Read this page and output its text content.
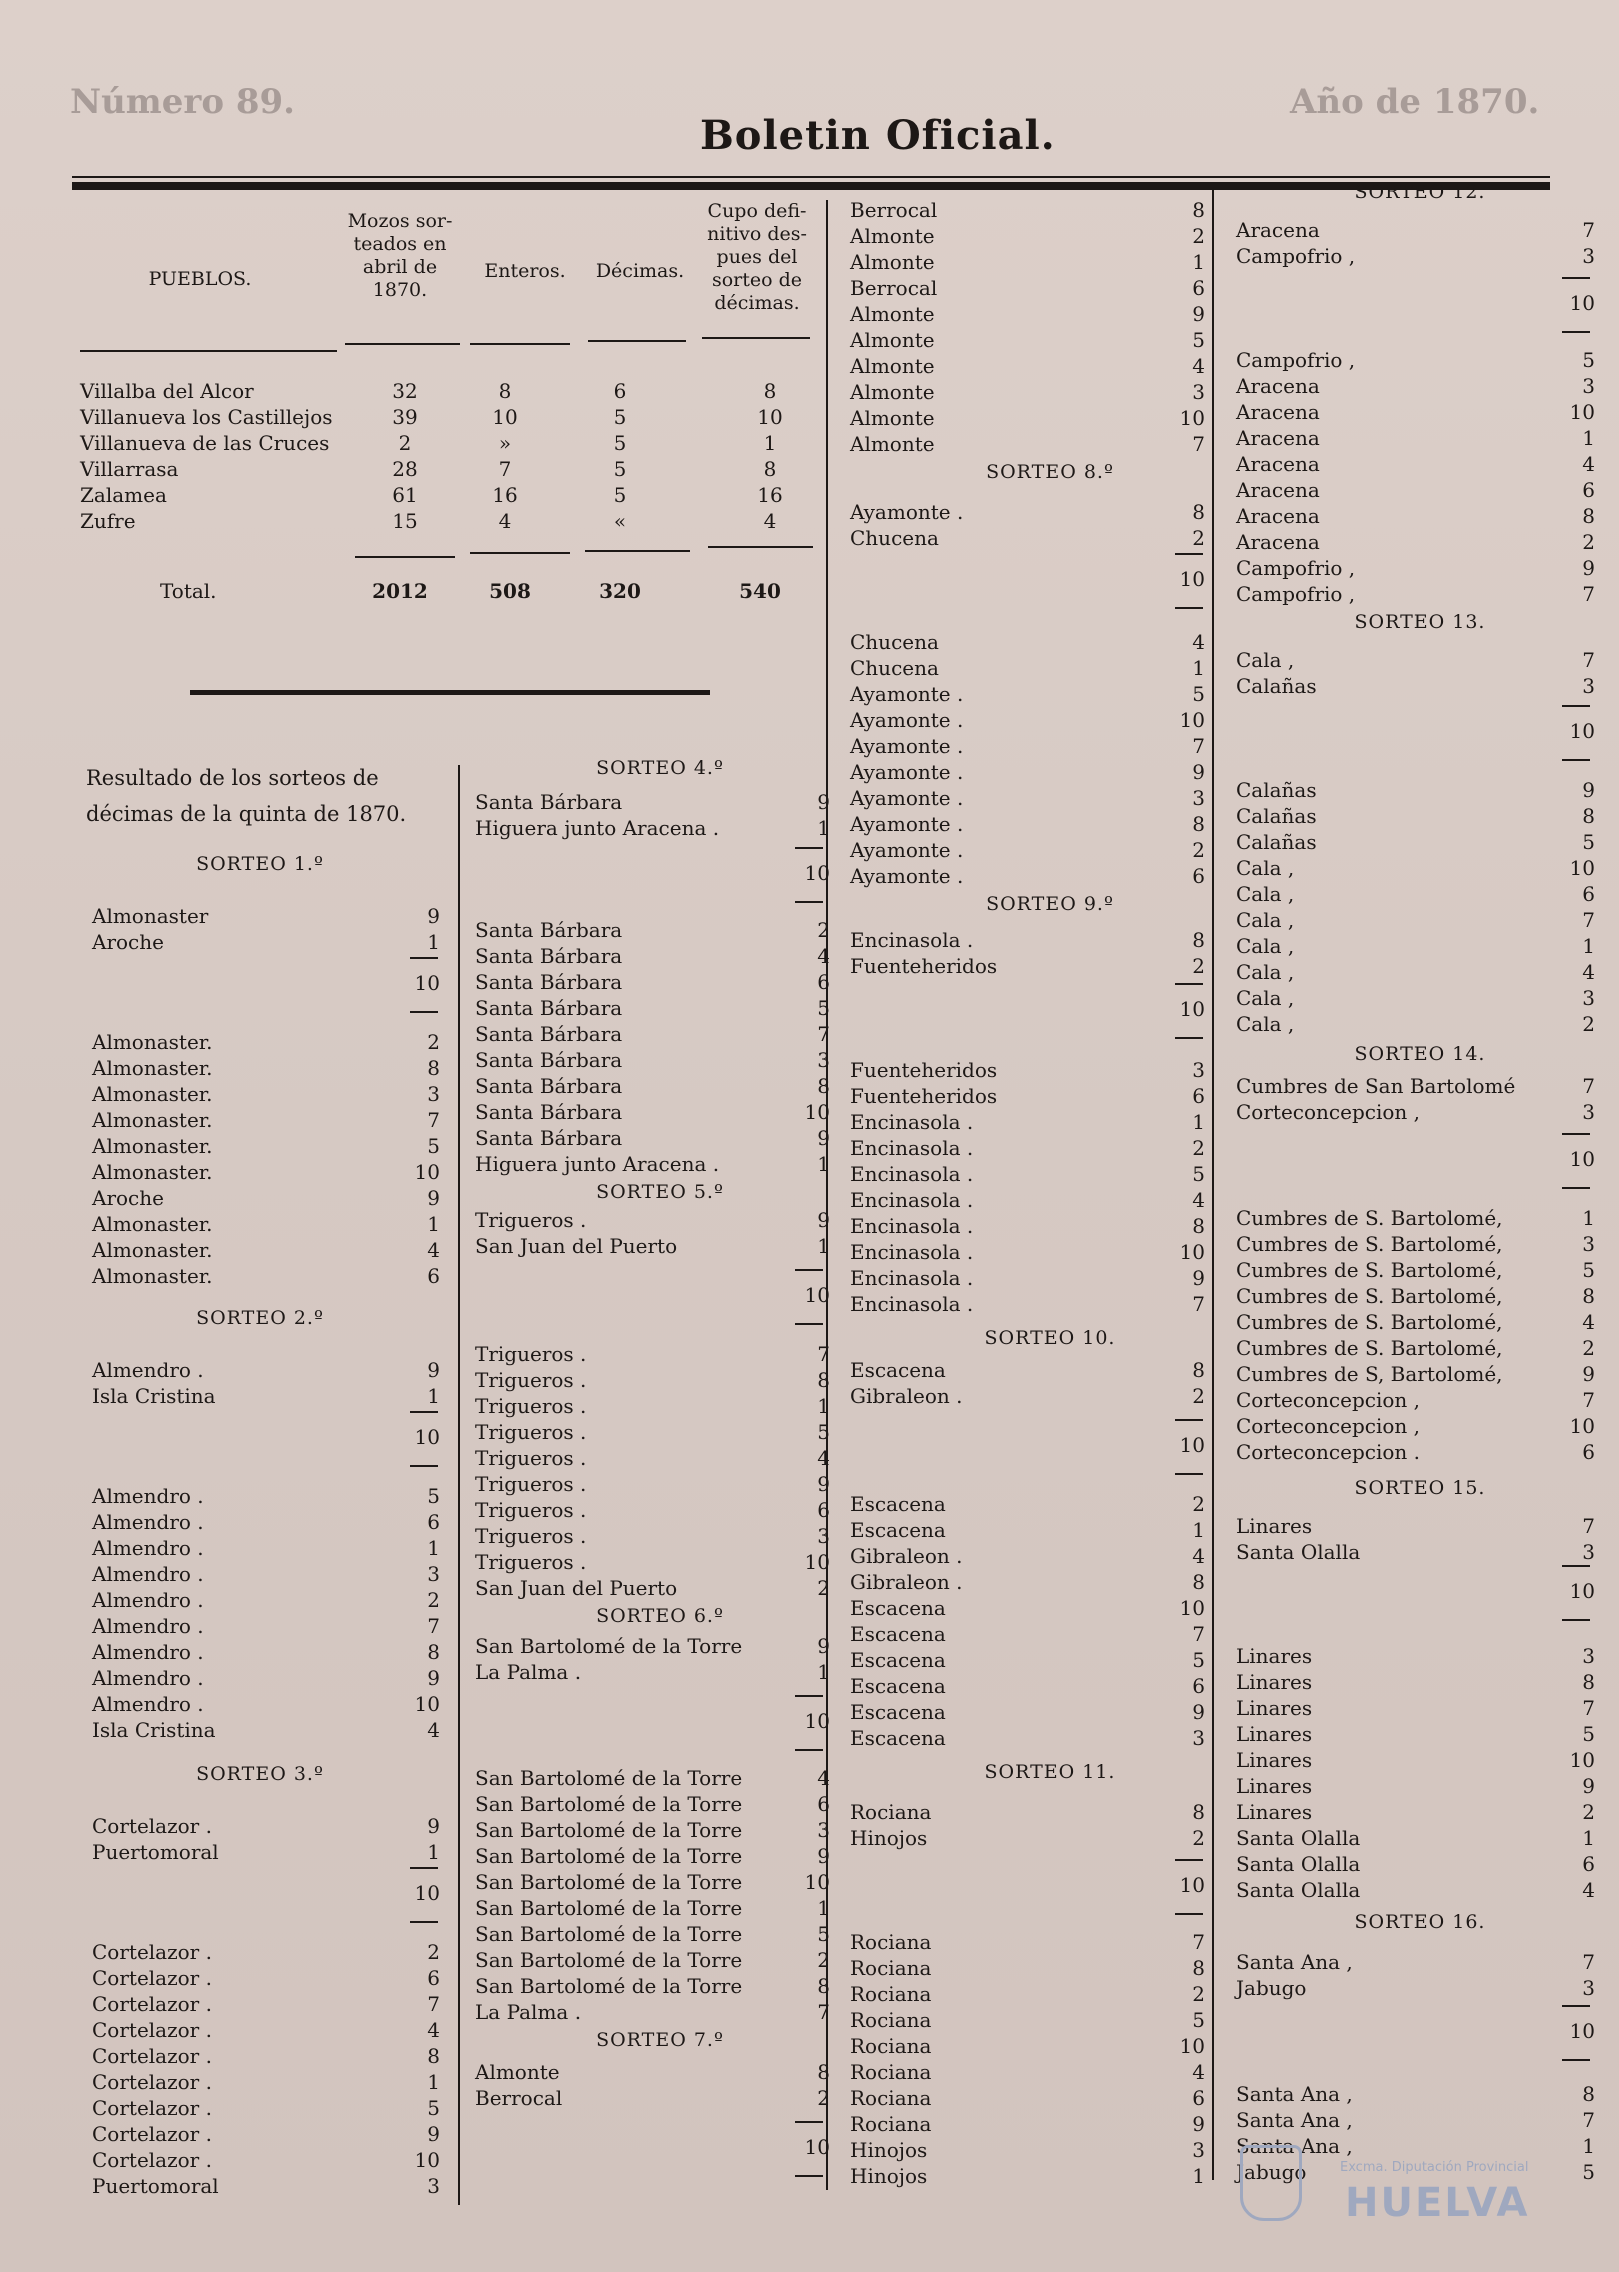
Número 89.
Boletin Oficial.
Año de 1870.
PUEBLOS.
Mozos sor-
teados en
abril de
1870.
Enteros.	Décimas.
Cupo defi-
nitivo des-
pues del
sorteo de
décimas.
Villalba del Alcor	32	8	6	8
Villanueva los Castillejos	39	10	5	10
Villanueva de las Cruces	2	»	5	1
Villarrasa	28	7	5	8
Zalamea	61	16	5	16
Zufre	15	4	«	4
Total.	2012	508	320	540
Resultado de los sorteos de décimas de la quinta de 1870.
SORTEO 1.º
Almonaster	9
Aroche	1
10
Almonaster.	2
Almonaster.	8
Almonaster.	3
Almonaster.	7
Almonaster.	5
Almonaster.	10
Aroche	9
Almonaster.	1
Almonaster.	4
Almonaster.	6
SORTEO 2.º
Almendro .	9
Isla Cristina	1
10
Almendro .	5
Almendro .	6
Almendro .	1
Almendro .	3
Almendro .	2
Almendro .	7
Almendro .	8
Almendro .	9
Almendro .	10
Isla Cristina	4
SORTEO 3.º
Cortelazor .	9
Puertomoral	1
10
Cortelazor .	2
Cortelazor .	6
Cortelazor .	7
Cortelazor .	4
Cortelazor .	8
Cortelazor .	1
Cortelazor .	5
Cortelazor .	9
Cortelazor .	10
Puertomoral	3
SORTEO 4.º
Santa Bárbara	9
Higuera junto Aracena .	1
10
Santa Bárbara	2
Santa Bárbara	4
Santa Bárbara	6
Santa Bárbara	5
Santa Bárbara	7
Santa Bárbara	3
Santa Bárbara	8
Santa Bárbara	10
Santa Bárbara	9
Higuera junto Aracena .	1
SORTEO 5.º
Trigueros .	9
San Juan del Puerto	1
10
Trigueros .	7
Trigueros .	8
Trigueros .	1
Trigueros .	5
Trigueros .	4
Trigueros .	9
Trigueros .	6
Trigueros .	3
Trigueros .	10
San Juan del Puerto	2
SORTEO 6.º
San Bartolomé de la Torre	9
La Palma .	1
10
San Bartolomé de la Torre	4
San Bartolomé de la Torre	6
San Bartolomé de la Torre	3
San Bartolomé de la Torre	9
San Bartolomé de la Torre	10
San Bartolomé de la Torre	1
San Bartolomé de la Torre	5
San Bartolomé de la Torre	2
San Bartolomé de la Torre	8
La Palma .	7
SORTEO 7.º
Almonte	8
Berrocal	2
10
Berrocal	8
Almonte	2
Almonte	1
Berrocal	6
Almonte	9
Almonte	5
Almonte	4
Almonte	3
Almonte	10
Almonte	7
SORTEO 8.º
Ayamonte .	8
Chucena	2
10
Chucena	4
Chucena	1
Ayamonte .	5
Ayamonte .	10
Ayamonte .	7
Ayamonte .	9
Ayamonte .	3
Ayamonte .	8
Ayamonte .	2
Ayamonte .	6
SORTEO 9.º
Encinasola .	8
Fuenteheridos	2
10
Fuenteheridos	3
Fuenteheridos	6
Encinasola .	1
Encinasola .	2
Encinasola .	5
Encinasola .	4
Encinasola .	8
Encinasola .	10
Encinasola .	9
Encinasola .	7
SORTEO 10.
Escacena	8
Gibraleon .	2
10
Escacena	2
Escacena	1
Gibraleon .	4
Gibraleon .	8
Escacena	10
Escacena	7
Escacena	5
Escacena	6
Escacena	9
Escacena	3
SORTEO 11.
Rociana	8
Hinojos	2
10
Rociana	7
Rociana	8
Rociana	2
Rociana	5
Rociana	10
Rociana	4
Rociana	6
Rociana	9
Hinojos	3
Hinojos	1
SORTEO 12.
Aracena	7
Campofrio ,	3
10
Campofrio ,	5
Aracena	3
Aracena	10
Aracena	1
Aracena	4
Aracena	6
Aracena	8
Aracena	2
Campofrio ,	9
Campofrio ,	7
SORTEO 13.
Cala ,	7
Calañas	3
10
Calañas	9
Calañas	8
Calañas	5
Cala ,	10
Cala ,	6
Cala ,	7
Cala ,	1
Cala ,	4
Cala ,	3
Cala ,	2
SORTEO 14.
Cumbres de San Bartolomé	7
Corteconcepcion ,	3
10
Cumbres de S. Bartolomé,	1
Cumbres de S. Bartolomé,	3
Cumbres de S. Bartolomé,	5
Cumbres de S. Bartolomé,	8
Cumbres de S. Bartolomé,	4
Cumbres de S. Bartolomé,	2
Cumbres de S, Bartolomé,	9
Corteconcepcion ,	7
Corteconcepcion ,	10
Corteconcepcion .	6
SORTEO 15.
Linares	7
Santa Olalla	3
10
Linares	3
Linares	8
Linares	7
Linares	5
Linares	10
Linares	9
Linares	2
Santa Olalla	1
Santa Olalla	6
Santa Olalla	4
SORTEO 16.
Santa Ana ,	7
Jabugo	3
10
Santa Ana ,	8
Santa Ana ,	7
Santa Ana ,	1
Jabugo	5
Excma. Diputación Provincial
HUELVA
